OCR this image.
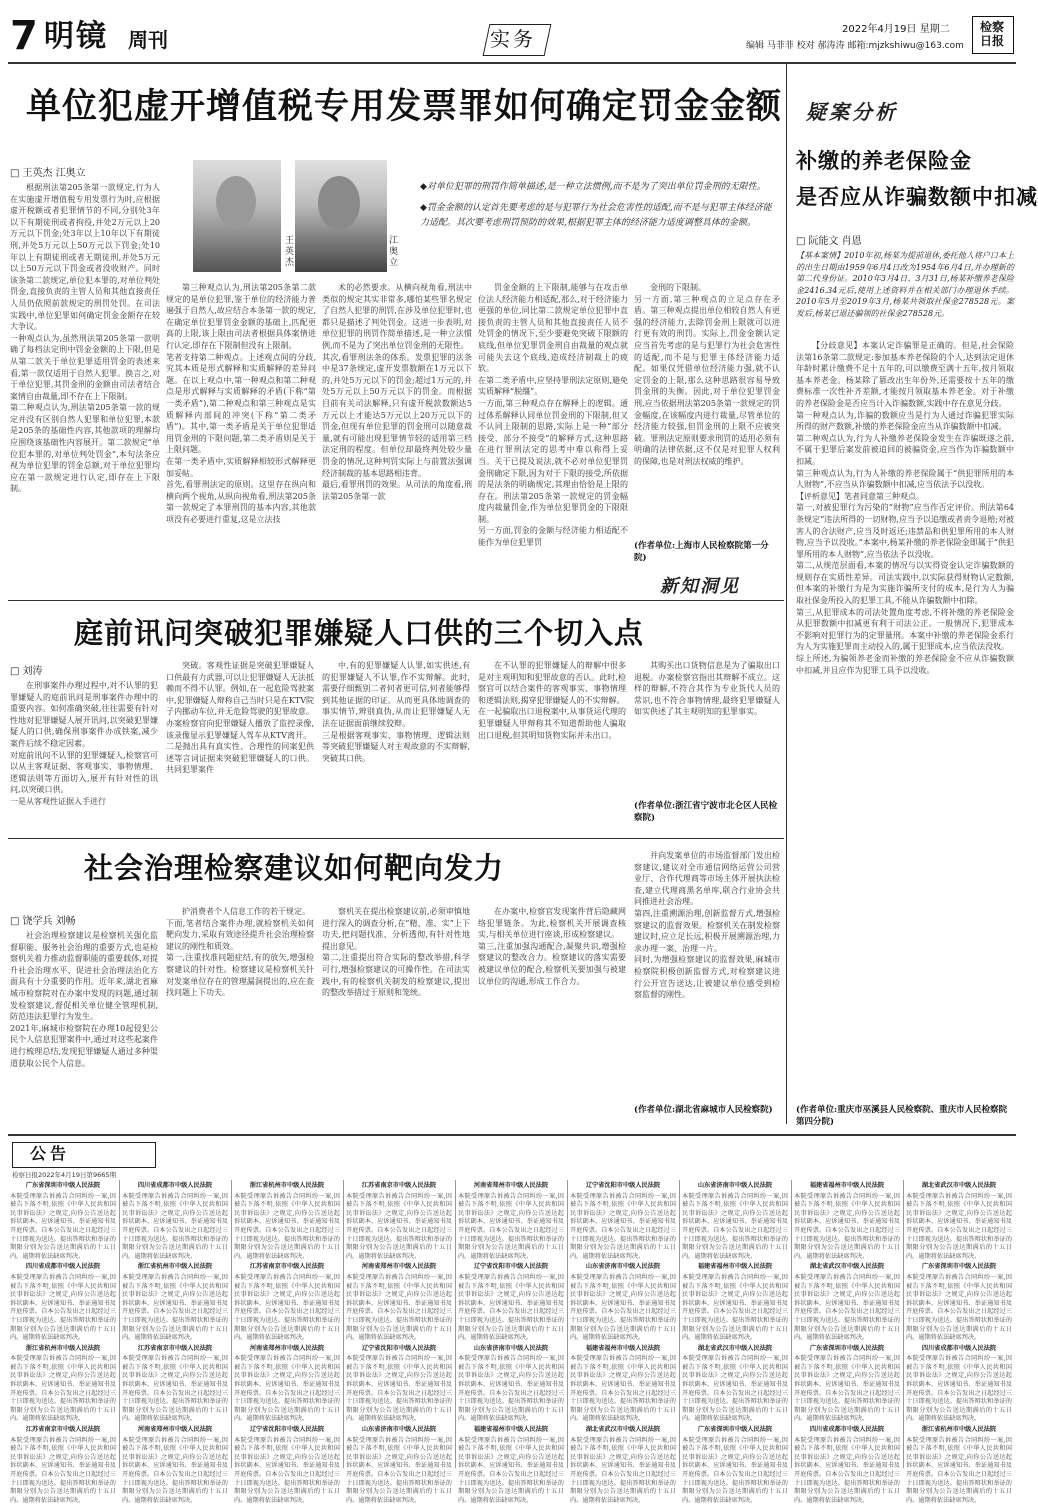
7 明镜 周刊	实务	2022年4月19日 星期二
编辑 马菲菲 校对 郝涛涛 邮箱:mjzkshiwu@163.com
检察日报
单位犯虚开增值税专用发票罪如何确定罚金金额
□ 王英杰 江奥立

根据刑法第205条第一款规定,行为人在实施虚开增值税专用发票行为时,应根据虚开税额或者犯罪情节的不同,分别处3年以下有期徒刑或者拘役,并处2万元以上20万元以下罚金;处3年以上10年以下有期徒刑,并处5万元以上50万元以下罚金;处10年以上有期徒刑或者无期徒刑,并处5万元以上50万元以下罚金或者没收财产。同时该条第二款规定,单位犯本罪的,对单位判处罚金,直接负责的主管人员和其他直接责任人员仍依照前款规定的刑罚处罚。在司法实践中,单位犯罪如何确定罚金金额存在较大争议。
一种观点认为,虽然刑法第205条第一款明确了每档法定刑中罚金金额的上下限,但是从第二款关于单位犯罪适用罚金的表述来看,第一款仅适用于自然人犯罪。换言之,对于单位犯罪,其罚金刑的金额由司法者结合案情自由裁量,即不存在上下限制。
第二种观点认为,刑法第205条第一款的规定并没有区别自然人犯罪和单位犯罪,本款是205条的基础性内容,其他款项的理解均应围绕该基础性内容展开。第二款规定“单位犯本罪的,对单位判处罚金”,本句法条应视为单位犯罪的罚金总额,对于单位犯罪均应在第一款规定进行认定,即存在上下限制。

王英杰
江奥立
◆对单位犯罪的刑罚作简单描述,是一种立法惯例,而不是为了突出单位罚金刑的无限性。
◆罚金金额的认定首先要考虑的是与犯罪行为社会危害性的适配,而不是与犯罪主体经济能力适配。其次要考虑刑罚预防的效果,根据犯罪主体的经济能力适度调整具体的金额。

第三种观点认为,刑法第205条第二款规定的是单位犯罪,鉴于单位的经济能力普遍强于自然人,故应结合本条第一款的规定,在确定单位犯罪罚金金额的基础上,匹配更高的上限,该上限由司法者根据具体案情进行认定,即存在下限制但没有上限制。
笔者支持第二种观点。上述观点间的分歧,究其本质是形式解释和实质解释的差异问题。在以上观点中,第一种观点和第二种观点是形式解释与实质解释的矛盾(下称“第一类矛盾”),第二种观点和第三种观点是实质解释内部间的冲突(下称“第二类矛盾”)。其中,第一类矛盾是关于单位犯罪适用罚金刑的下限问题,第二类矛盾则是关于上限问题。
在第一类矛盾中,实质解释相较形式解释更加妥帖。
首先,看罪刑法定的原则。这里存在纵向和横向两个视角,从纵向视角看,刑法第205条第一款规定了本罪刑罚的基本内容,其他款项没有必要进行重复,这是立法技

术的必然要求。从横向视角看,刑法中类似的规定其实非常多,哪怕某些罪名规定了自然人犯罪的刑罚,在涉及单位犯罪时,也都只是描述了判处罚金。这进一步表明,对单位犯罪的刑罚作简单描述,是一种立法惯例,而不是为了突出单位罚金刑的无限性。
其次,看罪刑法条的体系。发票犯罪的法条中是37条规定,虚开发票数额在1万元以下的,并处5万元以下的罚金;超过1万元的,并处5万元以上50万元以下的罚金。而根据目前有关司法解释,只有虚开税款数额达5万元以上才能达5万元以上20万元以下的罚金,但现有单位犯罪的罚金刑可以随意裁量,就有可能出现犯罪情节轻的适用第三档法定刑的程度。但单位却最终判处较少量罚金的情况,这种判罚实际上与前置法强调经济制裁的基本思路相违背。
最后,看罪刑罚的效果。从司法的角度看,刑法第205条第一款

罚金金额的上下限制,能够与在攻击单位法人经济能力相适配,那么,对于经济能力更强的单位,同比第二款规定单位犯罪中直接负责的主管人员和其他直接责任人员不处罚金的情况下,至少要避免突破下限额的底线,但单位犯罪罚金刑自由裁量的观点就可能失去这个底线,造成经济制裁上的疲软。
在第二类矛盾中,应坚持罪刑法定原则,避免实质解释“脱缰”。
一方面,第三种观点存在解释上的逻辑。通过体系解释认同单位罚金刑的下限制,但又不认同上限制的思路,实际上是一种“部分接受、部分不接受”的解释方式,这种思路在进行罪刑法定的思考中难以称得上妥当。关于已提及说法,就不必对单位犯罪罚金刑确定下限,因为对于下限的接受,所依据的是法条的明确规定,其理由恰恰是上限的存在。刑法第205条第一款规定的罚金幅度内裁量罚金,作为单位犯罪罚金的下限限制。
另一方面,罚金的金额与经济能力相适配不能作为单位犯罪罚

金刑的下限制。
另一方面,第三种观点的立足点存在矛盾。第三种观点提出单位相较自然人有更强的经济能力,去除罚金刑上限就可以进行更有效的刑罚。实际上,罚金金额认定应当首先考虑的是与犯罪行为社会危害性的适配,而不是与犯罪主体经济能力适配。如果仅凭借单位经济能力强,就不认定罚金的上限,那么这种思路很容易导致罚金刑的失衡。因此,对于单位犯罪罚金刑,应当依据刑法第205条第一款规定的罚金幅度,在该幅度内进行裁量,尽管单位的经济能力较强,但罚金刑的上限不应被突破。罪刑法定原则要求刑罚的适用必须有明确的法律依据,这不仅是对犯罪人权利的保障,也是对刑法权威的维护。

(作者单位:上海市人民检察院第一分院)
新知洞见
疑案分析
补缴的养老保险金
是否应从诈骗数额中扣减
□ 阮能文 肖恩
【基本案情】2010年初,杨某为提前退休,委托他人将户口本上的出生日期由1959年6月4日改为1954年6月4日,并办理新的第二代身份证。2010年3月4日、3月31日,杨某补缴养老保险金2416.34元后,使用上述资料并在相关部门办理退休手续。2010年5月至2019年3月,杨某共领取社保金278528元。案发后,杨某已退还骗领的社保金278528元。

【分歧意见】本案认定诈骗罪是正确的。但是,社会保险法第16条第二款规定:参加基本养老保险的个人,达到法定退休年龄时累计缴费不足十五年的,可以缴费至满十五年,按月领取基本养老金。杨某除了篡改出生年份外,还需要按十五年的缴费标准一次性补齐差额,才能按月领取基本养老金。对于补缴的养老保险金是否应当计入诈骗数额,实践中存在意见分歧。
第一种观点认为,诈骗的数额应当是行为人通过诈骗犯罪实际所得的财产数额,补缴的养老保险金应当从诈骗数额中扣减。
第二种观点认为,行为人补缴养老保险金发生在诈骗既遂之前,不属于犯罪后案发前被追回的被骗资金,应当作为诈骗数额中扣减。
第三种观点认为,行为人补缴的养老保险属于“供犯罪所用的本人财物”,不应当从诈骗数额中扣减,应当依法予以没收。
【评析意见】笔者同意第三种观点。
第一,对被犯罪行为污染的“财物”应当作否定评价。刑法第64条规定“违法所得的一切财物,应当予以追缴或者责令退赔;对被害人的合法财产,应当及时返还;违禁品和供犯罪所用的本人财物,应当予以没收。”本案中,杨某补缴的养老保险金即属于“供犯罪所用的本人财物”,应当依法予以没收。
第二,从规范层面看,本案的情况与以实得资金认定诈骗数额的规则存在实质性差异。司法实践中,以实际获得财物认定数额,但本案的补缴行为是为实施诈骗所支付的成本,是行为人为骗取社保金所投入的犯罪工具,不能从诈骗数额中扣除。
第三,从犯罪成本的司法处置角度考虑,不将补缴的养老保险金从犯罪数额中扣减更有利于司法公正。一般情况下,犯罪成本不影响对犯罪行为的定罪量刑。本案中补缴的养老保险金系行为人为实施犯罪而主动投入的,属于犯罪成本,应当依法没收。
综上所述,为骗领养老金而补缴的养老保险金不应从诈骗数额中扣减,并且应作为犯罪工具予以没收。

(作者单位:重庆市巫溪县人民检察院、重庆市人民检察院第四分院)
庭前讯问突破犯罪嫌疑人口供的三个切入点
□ 刘涛

在刑事案件办理过程中,对不认罪的犯罪嫌疑人的庭前讯问是刑事案件办理中的重要内容。如何准确突破,往往需要有针对性地对犯罪嫌疑人展开讯问,以突破犯罪嫌疑人的口供,确保刑事案件办成铁案,减少案件后续不稳定因素。
对庭前讯问不认罪的犯罪嫌疑人,检察官可以从主客观证据、客观事实、事物情理、逻辑法则等方面切入,展开有针对性的讯问,以突破口供。
一是从客观性证据入手进行

突破。客观性证据是突破犯罪嫌疑人口供最有力武器,可以让犯罪嫌疑人无法抵赖而不得不认罪。例如,在一起危险驾驶案中,犯罪嫌疑人辩称自己当时只是在KTV院子内挪动车位,并无危险驾驶的犯罪故意。办案检察官向犯罪嫌疑人播放了监控录像,该录像显示犯罪嫌疑人驾车从KTV离开。
二是抛出具有真实性、合理性的同案犯供述等言词证据来突破犯罪嫌疑人的口供。共同犯罪案件

中,有的犯罪嫌疑人认罪,如实供述,有的犯罪嫌疑人不认罪,作不实辩解。此时,需要仔细甄别二者何者更可信,何者能够得到其他证据的印证。从而更具体地调查的事实情节,辨别真伪,从而让犯罪嫌疑人无法在证据面前继续狡辩。
三是根据客观事实、事物情理、逻辑法则等突破犯罪嫌疑人对主观故意的不实辩解,突破其口供。

在不认罪的犯罪嫌疑人的辩解中很多是对主观明知和犯罪故意的否认。此时,检察官可以结合案件的客观事实、事物情理和逻辑法则,揭穿犯罪嫌疑人的不实辩解。
在一起骗取出口退税案中,从事货运代理的犯罪嫌疑人甲辩称其不知道帮助他人骗取出口退税,但其明知货物实际并未出口。

其购买出口货物信息是为了骗取出口退税。办案检察官指出其辩解不成立。这样的辩解,不符合其作为专业货代人员的常识,也不符合事物情理,最终犯罪嫌疑人如实供述了其主观明知的犯罪事实。

(作者单位:浙江省宁波市北仑区人民检察院)
社会治理检察建议如何靶向发力
□ 饶学兵 刘畅

社会治理检察建议是检察机关强化监督职能、服务社会治理的重要方式,也是检察机关着力推动监督职能的重要载体,对提升社会治理水平、促进社会治理法治化方面具有十分重要的作用。近年来,湖北省麻城市检察院对在办案中发现的问题,通过制发检察建议,督促相关单位健全管理机制,防范违法犯罪行为发生。
2021年,麻城市检察院在办理10起侵犯公民个人信息犯罪案件中,通过对这些起案件进行梳理总结,发现犯罪嫌疑人通过多种渠道获取公民个人信息。

护消费者个人信息工作的若干规定。
下面,笔者结合案件办理,就检察机关如何靶向发力,采取有效途径提升社会治理检察建议的刚性和质效。
第一,注重找准问题症结,有的放矢,增强检察建议的针对性。检察建议是检察机关针对发案单位存在的管理漏洞提出的,应在查找问题上下功夫。

察机关在提出检察建议前,必须审慎地进行深入的调查分析,在“精、准、实”上下功夫,把问题找准、分析透彻,有针对性地提出意见。
第二,注重提出符合实际的整改举措,科学可行,增强检察建议的可操作性。在司法实践中,有的检察机关制发的检察建议,提出的整改举措过于原则和笼统。

在办案中,检察官发现案件背后隐藏网络犯罪链条。为此,检察机关开展调查核实,与相关单位进行座谈,形成检察建议。
第三,注重加强沟通配合,凝聚共识,增强检察建议的整改合力。检察建议的落实需要被建议单位的配合,检察机关要加强与被建议单位的沟通,形成工作合力。

并向发案单位的市场监督部门发出检察建议,建议对全市通信网络运营公司营业厅、合作代理商等市场主体开展执法检查,建立代理商黑名单库,联合行业协会共同推进社会治理。
第四,注重溯源治理,创新监督方式,增强检察建议的监督效果。检察机关在制发检察建议时,应立足长远,积极开展溯源治理,力求办理一案、治理一片。
同时,为增强检察建议的监督效果,麻城市检察院积极创新监督方式,对检察建议进行公开宣告送达,让被建议单位感受到检察监督的刚性。

(作者单位:湖北省麻城市人民检察院)
公告
检察日报2022年4月19日第9665期
广东省深圳市中级人民法院
本院受理原告诉被告合同纠纷一案,因被告下落不明,依照《中华人民共和国民事诉讼法》之规定,向你公告送达起诉状副本、应诉通知书、举证通知书及开庭传票。自本公告发出之日起经过三十日即视为送达。提出答辩状和举证的期限分别为公告送达期满后的十五日内。逾期将依法缺席判决。
四川省成都市中级人民法院
本院受理原告诉被告合同纠纷一案,因被告下落不明,依照《中华人民共和国民事诉讼法》之规定,向你公告送达起诉状副本、应诉通知书、举证通知书及开庭传票。自本公告发出之日起经过三十日即视为送达。提出答辩状和举证的期限分别为公告送达期满后的十五日内。逾期将依法缺席判决。
浙江省杭州市中级人民法院
本院受理原告诉被告合同纠纷一案,因被告下落不明,依照《中华人民共和国民事诉讼法》之规定,向你公告送达起诉状副本、应诉通知书、举证通知书及开庭传票。自本公告发出之日起经过三十日即视为送达。提出答辩状和举证的期限分别为公告送达期满后的十五日内。逾期将依法缺席判决。
江苏省南京市中级人民法院
本院受理原告诉被告合同纠纷一案,因被告下落不明,依照《中华人民共和国民事诉讼法》之规定,向你公告送达起诉状副本、应诉通知书、举证通知书及开庭传票。自本公告发出之日起经过三十日即视为送达。提出答辩状和举证的期限分别为公告送达期满后的十五日内。逾期将依法缺席判决。
四川省成都市中级人民法院
本院受理原告诉被告合同纠纷一案,因被告下落不明,依照《中华人民共和国民事诉讼法》之规定,向你公告送达起诉状副本、应诉通知书、举证通知书及开庭传票。自本公告发出之日起经过三十日即视为送达。提出答辩状和举证的期限分别为公告送达期满后的十五日内。逾期将依法缺席判决。
浙江省杭州市中级人民法院
本院受理原告诉被告合同纠纷一案,因被告下落不明,依照《中华人民共和国民事诉讼法》之规定,向你公告送达起诉状副本、应诉通知书、举证通知书及开庭传票。自本公告发出之日起经过三十日即视为送达。提出答辩状和举证的期限分别为公告送达期满后的十五日内。逾期将依法缺席判决。
江苏省南京市中级人民法院
本院受理原告诉被告合同纠纷一案,因被告下落不明,依照《中华人民共和国民事诉讼法》之规定,向你公告送达起诉状副本、应诉通知书、举证通知书及开庭传票。自本公告发出之日起经过三十日即视为送达。提出答辩状和举证的期限分别为公告送达期满后的十五日内。逾期将依法缺席判决。
河南省郑州市中级人民法院
本院受理原告诉被告合同纠纷一案,因被告下落不明,依照《中华人民共和国民事诉讼法》之规定,向你公告送达起诉状副本、应诉通知书、举证通知书及开庭传票。自本公告发出之日起经过三十日即视为送达。提出答辩状和举证的期限分别为公告送达期满后的十五日内。逾期将依法缺席判决。
浙江省杭州市中级人民法院
本院受理原告诉被告合同纠纷一案,因被告下落不明,依照《中华人民共和国民事诉讼法》之规定,向你公告送达起诉状副本、应诉通知书、举证通知书及开庭传票。自本公告发出之日起经过三十日即视为送达。提出答辩状和举证的期限分别为公告送达期满后的十五日内。逾期将依法缺席判决。
江苏省南京市中级人民法院
本院受理原告诉被告合同纠纷一案,因被告下落不明,依照《中华人民共和国民事诉讼法》之规定,向你公告送达起诉状副本、应诉通知书、举证通知书及开庭传票。自本公告发出之日起经过三十日即视为送达。提出答辩状和举证的期限分别为公告送达期满后的十五日内。逾期将依法缺席判决。
河南省郑州市中级人民法院
本院受理原告诉被告合同纠纷一案,因被告下落不明,依照《中华人民共和国民事诉讼法》之规定,向你公告送达起诉状副本、应诉通知书、举证通知书及开庭传票。自本公告发出之日起经过三十日即视为送达。提出答辩状和举证的期限分别为公告送达期满后的十五日内。逾期将依法缺席判决。
辽宁省沈阳市中级人民法院
本院受理原告诉被告合同纠纷一案,因被告下落不明,依照《中华人民共和国民事诉讼法》之规定,向你公告送达起诉状副本、应诉通知书、举证通知书及开庭传票。自本公告发出之日起经过三十日即视为送达。提出答辩状和举证的期限分别为公告送达期满后的十五日内。逾期将依法缺席判决。
江苏省南京市中级人民法院
本院受理原告诉被告合同纠纷一案,因被告下落不明,依照《中华人民共和国民事诉讼法》之规定,向你公告送达起诉状副本、应诉通知书、举证通知书及开庭传票。自本公告发出之日起经过三十日即视为送达。提出答辩状和举证的期限分别为公告送达期满后的十五日内。逾期将依法缺席判决。
河南省郑州市中级人民法院
本院受理原告诉被告合同纠纷一案,因被告下落不明,依照《中华人民共和国民事诉讼法》之规定,向你公告送达起诉状副本、应诉通知书、举证通知书及开庭传票。自本公告发出之日起经过三十日即视为送达。提出答辩状和举证的期限分别为公告送达期满后的十五日内。逾期将依法缺席判决。
辽宁省沈阳市中级人民法院
本院受理原告诉被告合同纠纷一案,因被告下落不明,依照《中华人民共和国民事诉讼法》之规定,向你公告送达起诉状副本、应诉通知书、举证通知书及开庭传票。自本公告发出之日起经过三十日即视为送达。提出答辩状和举证的期限分别为公告送达期满后的十五日内。逾期将依法缺席判决。
山东省济南市中级人民法院
本院受理原告诉被告合同纠纷一案,因被告下落不明,依照《中华人民共和国民事诉讼法》之规定,向你公告送达起诉状副本、应诉通知书、举证通知书及开庭传票。自本公告发出之日起经过三十日即视为送达。提出答辩状和举证的期限分别为公告送达期满后的十五日内。逾期将依法缺席判决。
河南省郑州市中级人民法院
本院受理原告诉被告合同纠纷一案,因被告下落不明,依照《中华人民共和国民事诉讼法》之规定,向你公告送达起诉状副本、应诉通知书、举证通知书及开庭传票。自本公告发出之日起经过三十日即视为送达。提出答辩状和举证的期限分别为公告送达期满后的十五日内。逾期将依法缺席判决。
辽宁省沈阳市中级人民法院
本院受理原告诉被告合同纠纷一案,因被告下落不明,依照《中华人民共和国民事诉讼法》之规定,向你公告送达起诉状副本、应诉通知书、举证通知书及开庭传票。自本公告发出之日起经过三十日即视为送达。提出答辩状和举证的期限分别为公告送达期满后的十五日内。逾期将依法缺席判决。
山东省济南市中级人民法院
本院受理原告诉被告合同纠纷一案,因被告下落不明,依照《中华人民共和国民事诉讼法》之规定,向你公告送达起诉状副本、应诉通知书、举证通知书及开庭传票。自本公告发出之日起经过三十日即视为送达。提出答辩状和举证的期限分别为公告送达期满后的十五日内。逾期将依法缺席判决。
福建省福州市中级人民法院
本院受理原告诉被告合同纠纷一案,因被告下落不明,依照《中华人民共和国民事诉讼法》之规定,向你公告送达起诉状副本、应诉通知书、举证通知书及开庭传票。自本公告发出之日起经过三十日即视为送达。提出答辩状和举证的期限分别为公告送达期满后的十五日内。逾期将依法缺席判决。
辽宁省沈阳市中级人民法院
本院受理原告诉被告合同纠纷一案,因被告下落不明,依照《中华人民共和国民事诉讼法》之规定,向你公告送达起诉状副本、应诉通知书、举证通知书及开庭传票。自本公告发出之日起经过三十日即视为送达。提出答辩状和举证的期限分别为公告送达期满后的十五日内。逾期将依法缺席判决。
山东省济南市中级人民法院
本院受理原告诉被告合同纠纷一案,因被告下落不明,依照《中华人民共和国民事诉讼法》之规定,向你公告送达起诉状副本、应诉通知书、举证通知书及开庭传票。自本公告发出之日起经过三十日即视为送达。提出答辩状和举证的期限分别为公告送达期满后的十五日内。逾期将依法缺席判决。
福建省福州市中级人民法院
本院受理原告诉被告合同纠纷一案,因被告下落不明,依照《中华人民共和国民事诉讼法》之规定,向你公告送达起诉状副本、应诉通知书、举证通知书及开庭传票。自本公告发出之日起经过三十日即视为送达。提出答辩状和举证的期限分别为公告送达期满后的十五日内。逾期将依法缺席判决。
湖北省武汉市中级人民法院
本院受理原告诉被告合同纠纷一案,因被告下落不明,依照《中华人民共和国民事诉讼法》之规定,向你公告送达起诉状副本、应诉通知书、举证通知书及开庭传票。自本公告发出之日起经过三十日即视为送达。提出答辩状和举证的期限分别为公告送达期满后的十五日内。逾期将依法缺席判决。
山东省济南市中级人民法院
本院受理原告诉被告合同纠纷一案,因被告下落不明,依照《中华人民共和国民事诉讼法》之规定,向你公告送达起诉状副本、应诉通知书、举证通知书及开庭传票。自本公告发出之日起经过三十日即视为送达。提出答辩状和举证的期限分别为公告送达期满后的十五日内。逾期将依法缺席判决。
福建省福州市中级人民法院
本院受理原告诉被告合同纠纷一案,因被告下落不明,依照《中华人民共和国民事诉讼法》之规定,向你公告送达起诉状副本、应诉通知书、举证通知书及开庭传票。自本公告发出之日起经过三十日即视为送达。提出答辩状和举证的期限分别为公告送达期满后的十五日内。逾期将依法缺席判决。
湖北省武汉市中级人民法院
本院受理原告诉被告合同纠纷一案,因被告下落不明,依照《中华人民共和国民事诉讼法》之规定,向你公告送达起诉状副本、应诉通知书、举证通知书及开庭传票。自本公告发出之日起经过三十日即视为送达。提出答辩状和举证的期限分别为公告送达期满后的十五日内。逾期将依法缺席判决。
广东省深圳市中级人民法院
本院受理原告诉被告合同纠纷一案,因被告下落不明,依照《中华人民共和国民事诉讼法》之规定,向你公告送达起诉状副本、应诉通知书、举证通知书及开庭传票。自本公告发出之日起经过三十日即视为送达。提出答辩状和举证的期限分别为公告送达期满后的十五日内。逾期将依法缺席判决。
福建省福州市中级人民法院
本院受理原告诉被告合同纠纷一案,因被告下落不明,依照《中华人民共和国民事诉讼法》之规定,向你公告送达起诉状副本、应诉通知书、举证通知书及开庭传票。自本公告发出之日起经过三十日即视为送达。提出答辩状和举证的期限分别为公告送达期满后的十五日内。逾期将依法缺席判决。
湖北省武汉市中级人民法院
本院受理原告诉被告合同纠纷一案,因被告下落不明,依照《中华人民共和国民事诉讼法》之规定,向你公告送达起诉状副本、应诉通知书、举证通知书及开庭传票。自本公告发出之日起经过三十日即视为送达。提出答辩状和举证的期限分别为公告送达期满后的十五日内。逾期将依法缺席判决。
广东省深圳市中级人民法院
本院受理原告诉被告合同纠纷一案,因被告下落不明,依照《中华人民共和国民事诉讼法》之规定,向你公告送达起诉状副本、应诉通知书、举证通知书及开庭传票。自本公告发出之日起经过三十日即视为送达。提出答辩状和举证的期限分别为公告送达期满后的十五日内。逾期将依法缺席判决。
四川省成都市中级人民法院
本院受理原告诉被告合同纠纷一案,因被告下落不明,依照《中华人民共和国民事诉讼法》之规定,向你公告送达起诉状副本、应诉通知书、举证通知书及开庭传票。自本公告发出之日起经过三十日即视为送达。提出答辩状和举证的期限分别为公告送达期满后的十五日内。逾期将依法缺席判决。
湖北省武汉市中级人民法院
本院受理原告诉被告合同纠纷一案,因被告下落不明,依照《中华人民共和国民事诉讼法》之规定,向你公告送达起诉状副本、应诉通知书、举证通知书及开庭传票。自本公告发出之日起经过三十日即视为送达。提出答辩状和举证的期限分别为公告送达期满后的十五日内。逾期将依法缺席判决。
广东省深圳市中级人民法院
本院受理原告诉被告合同纠纷一案,因被告下落不明,依照《中华人民共和国民事诉讼法》之规定,向你公告送达起诉状副本、应诉通知书、举证通知书及开庭传票。自本公告发出之日起经过三十日即视为送达。提出答辩状和举证的期限分别为公告送达期满后的十五日内。逾期将依法缺席判决。
四川省成都市中级人民法院
本院受理原告诉被告合同纠纷一案,因被告下落不明,依照《中华人民共和国民事诉讼法》之规定,向你公告送达起诉状副本、应诉通知书、举证通知书及开庭传票。自本公告发出之日起经过三十日即视为送达。提出答辩状和举证的期限分别为公告送达期满后的十五日内。逾期将依法缺席判决。
浙江省杭州市中级人民法院
本院受理原告诉被告合同纠纷一案,因被告下落不明,依照《中华人民共和国民事诉讼法》之规定,向你公告送达起诉状副本、应诉通知书、举证通知书及开庭传票。自本公告发出之日起经过三十日即视为送达。提出答辩状和举证的期限分别为公告送达期满后的十五日内。逾期将依法缺席判决。
